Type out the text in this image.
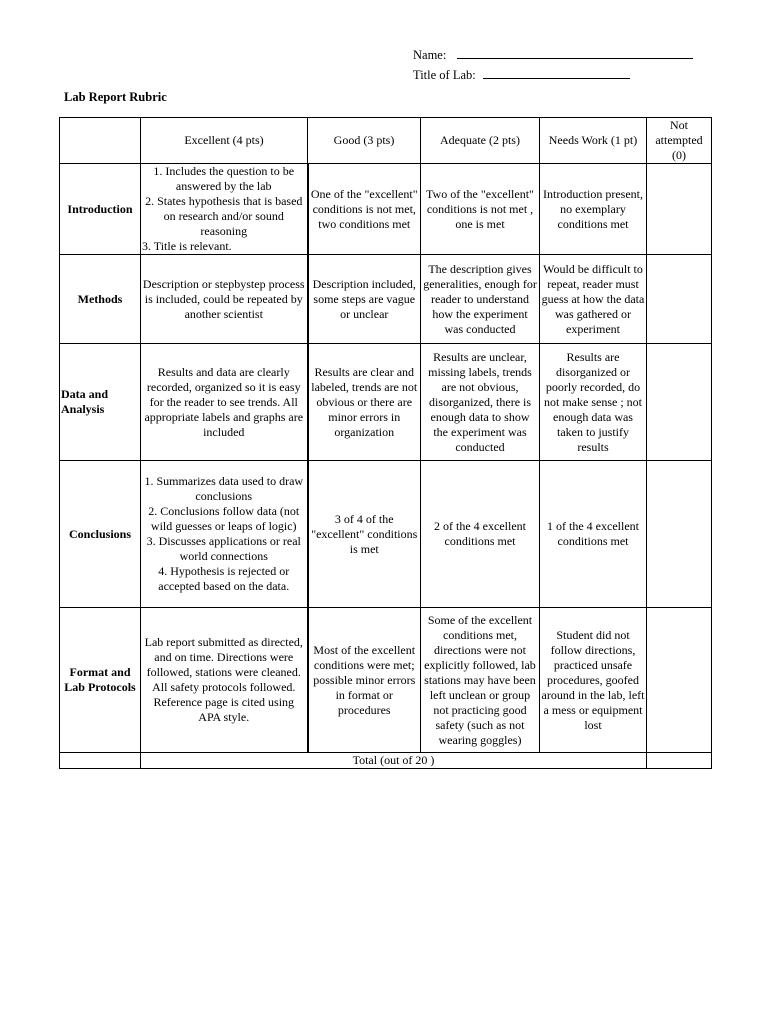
Name:
Title of Lab:
Lab Report Rubric
	Excellent (4 pts)	Good (3 pts)	Adequate (2 pts)	Needs Work (1 pt)	Not attempted (0)
Introduction	1. Includes the question to be answered by the lab
2. States hypothesis that is based on research and/or sound reasoning
3. Title is relevant.	One of the "excellent" conditions is not met, two conditions met	Two of the "excellent" conditions is not met , one is met	Introduction present, no exemplary conditions met	
Methods	Description or stepbystep process is included, could be repeated by another scientist	Description included, some steps are vague or unclear	The description gives generalities, enough for reader to understand how the experiment was conducted	Would be difficult to repeat, reader must guess at how the data was gathered or experiment	
Data and Analysis	Results and data are clearly recorded, organized so it is easy for the reader to see trends. All appropriate labels and graphs are included	Results are clear and labeled, trends are not obvious or there are minor errors in organization	Results are unclear, missing labels, trends are not obvious, disorganized, there is enough data to show the experiment was conducted	Results are disorganized or poorly recorded, do not make sense ; not enough data was taken to justify results	
Conclusions	1. Summarizes data used to draw conclusions
2. Conclusions follow data (not wild guesses or leaps of logic)
3. Discusses applications or real world connections
4. Hypothesis is rejected or accepted based on the data.	3 of 4 of the "excellent" conditions is met	2 of the 4 excellent conditions met	1 of the 4 excellent conditions met	
Format and Lab Protocols	Lab report submitted as directed, and on time. Directions were followed, stations were cleaned. All safety protocols followed. Reference page is cited using APA style.	Most of the excellent conditions were met; possible minor errors in format or procedures	Some of the excellent conditions met, directions were not explicitly followed, lab stations may have been left unclean or group not practicing good safety (such as not wearing goggles)	Student did not follow directions, practiced unsafe procedures, goofed around in the lab, left a mess or equipment lost	
	Total (out of 20 )				
